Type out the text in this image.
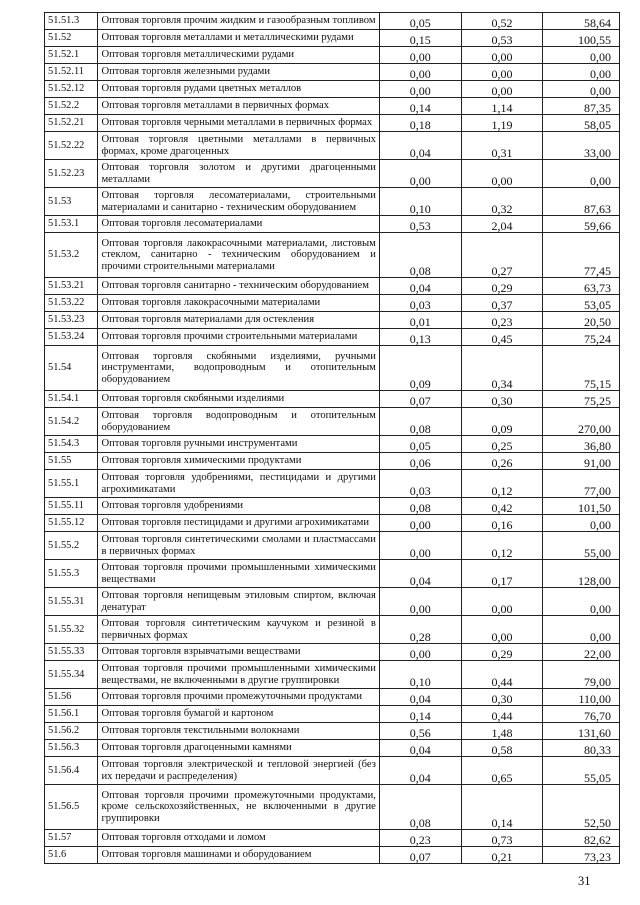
51.51.3	Оптовая торговля прочим жидким и газообразным топливом	0,05	0,52	58,64
51.52	Оптовая торговля металлами и металлическими рудами	0,15	0,53	100,55
51.52.1	Оптовая торговля металлическими рудами	0,00	0,00	0,00
51.52.11	Оптовая торговля железными рудами	0,00	0,00	0,00
51.52.12	Оптовая торговля рудами цветных металлов	0,00	0,00	0,00
51.52.2	Оптовая торговля металлами в первичных формах	0,14	1,14	87,35
51.52.21	Оптовая торговля черными металлами в первичных формах	0,18	1,19	58,05
51.52.22	Оптовая торговля цветными металлами в первичных формах, кроме драгоценных	0,04	0,31	33,00
51.52.23	Оптовая торговля золотом и другими драгоценными металлами	0,00	0,00	0,00
51.53	Оптовая торговля лесоматериалами, строительными материалами и санитарно - техническим оборудованием	0,10	0,32	87,63
51.53.1	Оптовая торговля лесоматериалами	0,53	2,04	59,66
51.53.2	Оптовая торговля лакокрасочными материалами, листовым стеклом, санитарно - техническим оборудованием и прочими строительными материалами	0,08	0,27	77,45
51.53.21	Оптовая торговля санитарно - техническим оборудованием	0,04	0,29	63,73
51.53.22	Оптовая торговля лакокрасочными материалами	0,03	0,37	53,05
51.53.23	Оптовая торговля материалами для остекления	0,01	0,23	20,50
51.53.24	Оптовая торговля прочими строительными материалами	0,13	0,45	75,24
51.54	Оптовая торговля скобяными изделиями, ручными инструментами, водопроводным и отопительным оборудованием	0,09	0,34	75,15
51.54.1	Оптовая торговля скобяными изделиями	0,07	0,30	75,25
51.54.2	Оптовая торговля водопроводным и отопительным оборудованием	0,08	0,09	270,00
51.54.3	Оптовая торговля ручными инструментами	0,05	0,25	36,80
51.55	Оптовая торговля химическими продуктами	0,06	0,26	91,00
51.55.1	Оптовая торговля удобрениями, пестицидами и другими агрохимикатами	0,03	0,12	77,00
51.55.11	Оптовая торговля удобрениями	0,08	0,42	101,50
51.55.12	Оптовая торговля пестицидами и другими агрохимикатами	0,00	0,16	0,00
51.55.2	Оптовая торговля синтетическими смолами и пластмассами в первичных формах	0,00	0,12	55,00
51.55.3	Оптовая торговля прочими промышленными химическими веществами	0,04	0,17	128,00
51.55.31	Оптовая торговля непищевым этиловым спиртом, включая денатурат	0,00	0,00	0,00
51.55.32	Оптовая торговля синтетическим каучуком и резиной в первичных формах	0,28	0,00	0,00
51.55.33	Оптовая торговля взрывчатыми веществами	0,00	0,29	22,00
51.55.34	Оптовая торговля прочими промышленными химическими веществами, не включенными в другие группировки	0,10	0,44	79,00
51.56	Оптовая торговля прочими промежуточными продуктами	0,04	0,30	110,00
51.56.1	Оптовая торговля бумагой и картоном	0,14	0,44	76,70
51.56.2	Оптовая торговля текстильными волокнами	0,56	1,48	131,60
51.56.3	Оптовая торговля драгоценными камнями	0,04	0,58	80,33
51.56.4	Оптовая торговля электрической и тепловой энергией (без их передачи и распределения)	0,04	0,65	55,05
51.56.5	Оптовая торговля прочими промежуточными продуктами, кроме сельскохозяйственных, не включенными в другие группировки	0,08	0,14	52,50
51.57	Оптовая торговля отходами и ломом	0,23	0,73	82,62
51.6	Оптовая торговля машинами и оборудованием	0,07	0,21	73,23
31
